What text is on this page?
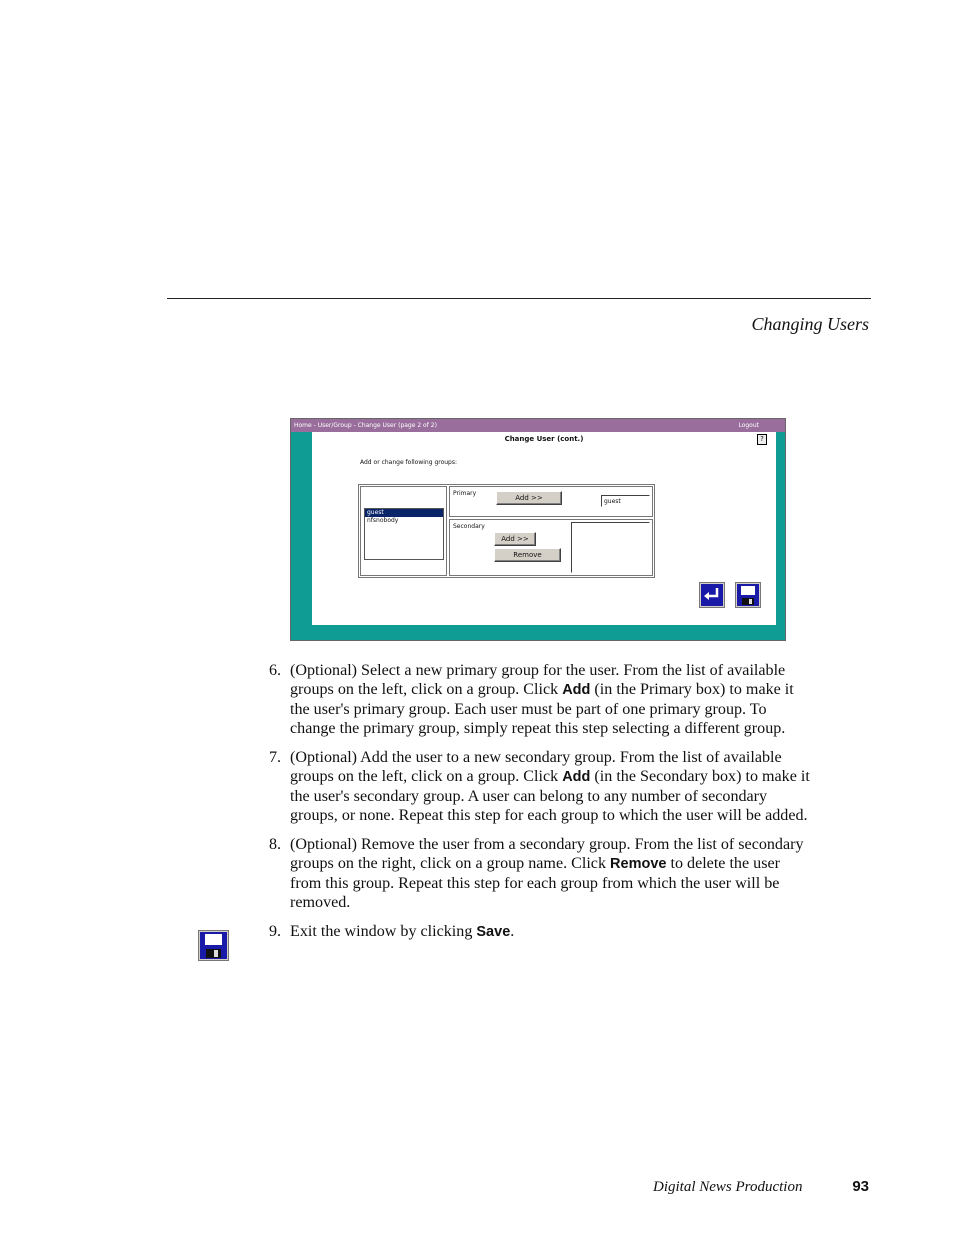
Changing Users
Home - User/Group - Change User (page 2 of 2)	Logout
Change User (cont.)	?
Add or change following groups:
guest
nfsnobody
Primary
Add >>	guest
Secondary
Add >>
Remove
6. (Optional) Select a new primary group for the user. From the list of available groups on the left, click on a group. Click Add (in the Primary box) to make it the user's primary group. Each user must be part of one primary group. To change the primary group, simply repeat this step selecting a different group.
7. (Optional) Add the user to a new secondary group. From the list of available groups on the left, click on a group. Click Add (in the Secondary box) to make it the user's secondary group. A user can belong to any number of secondary groups, or none. Repeat this step for each group to which the user will be added.
8. (Optional) Remove the user from a secondary group. From the list of secondary groups on the right, click on a group name. Click Remove to delete the user from this group. Repeat this step for each group from which the user will be removed.
9. Exit the window by clicking Save.
Digital News Production	93
